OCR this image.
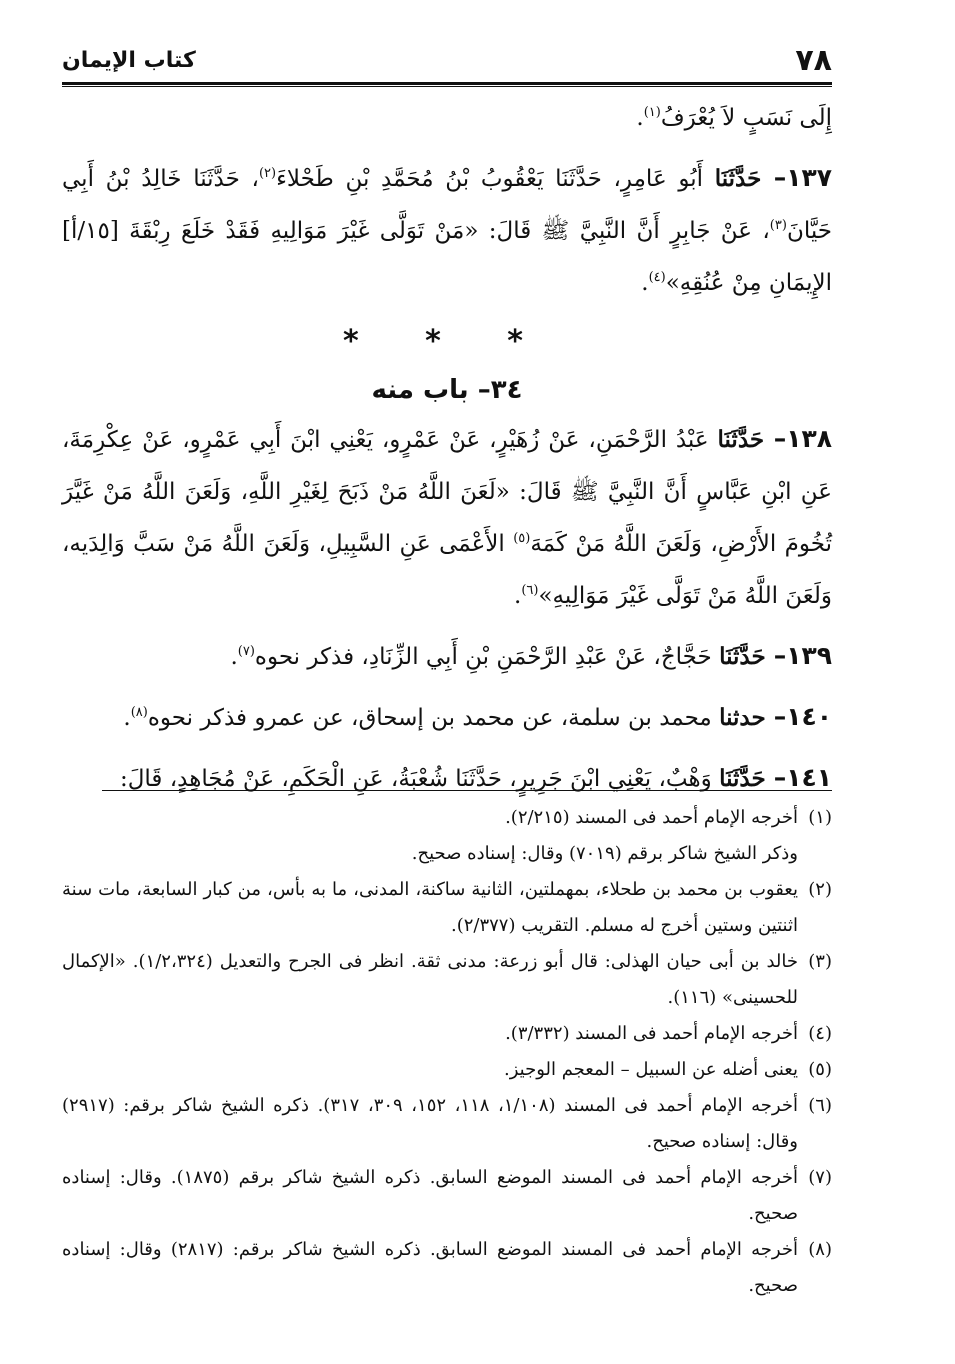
٧٨
كتاب الإيمان

إِلَى نَسَبٍ لاَ يُعْرَفُ$^{(١)}$.

١٣٧– حَدَّثَنَا أَبُو عَامِرٍ، حَدَّثَنَا يَعْقُوبُ بْنُ مُحَمَّدِ بْنِ طَحْلاءَ$^{(٢)}$، حَدَّثَنَا خَالِدُ بْنُ أَبِي حَيَّانَ$^{(٣)}$، عَنْ جَابِرٍ أَنَّ النَّبِيَّ ﷺ قَالَ: «مَنْ تَوَلَّى غَيْرَ مَوَالِيهِ فَقَدْ خَلَعَ رِبْقَةَ [١٥/أ] الإِيمَانِ مِنْ عُنُقِهِ»$^{(٤)}$.

* * *

٣٤– باب منه

١٣٨– حَدَّثَنَا عَبْدُ الرَّحْمَنِ، عَنْ زُهَيْرٍ، عَنْ عَمْرٍو، يَعْنِي ابْنَ أَبِي عَمْرٍو، عَنْ عِكْرِمَةَ، عَنِ ابْنِ عَبَّاسٍ أَنَّ النَّبِيَّ ﷺ قَالَ: «لَعَنَ اللَّهُ مَنْ ذَبَحَ لِغَيْرِ اللَّهِ، وَلَعَنَ اللَّهُ مَنْ غَيَّرَ تُخُومَ الأَرْضِ، وَلَعَنَ اللَّهُ مَنْ كَمَهَ$^{(٥)}$ الأَعْمَى عَنِ السَّبِيلِ، وَلَعَنَ اللَّهُ مَنْ سَبَّ وَالِدَيه، وَلَعَنَ اللَّهُ مَنْ تَوَلَّى غَيْرَ مَوَالِيهِ»$^{(٦)}$.

١٣٩– حَدَّثَنَا حَجَّاجٌ، عَنْ عَبْدِ الرَّحْمَنِ بْنِ أَبِي الزِّنَادِ، فذكر نحوه$^{(٧)}$.

١٤٠– حدثنا محمد بن سلمة، عن محمد بن إسحاق، عن عمرو فذكر نحوه$^{(٨)}$.

١٤١– حَدَّثَنَا وَهْبٌ، يَعْنِي ابْنَ جَرِيرٍ، حَدَّثَنَا شُعْبَةُ، عَنِ الْحَكَمِ، عَنْ مُجَاهِدٍ، قَالَ:

(١)
أخرجه الإمام أحمد فى المسند (٢/٢١٥).

وذكر الشيخ شاكر برقم (٧٠١٩) وقال: إسناده صحيح.

(٢)
يعقوب بن محمد بن طحلاء، بمهملتين، الثانية ساكنة، المدنى، ما به بأس، من كبار السابعة، مات سنة اثنتين وستين أخرج له مسلم. التقريب (٢/٣٧٧).

(٣)
خالد بن أبى حيان الهذلى: قال أبو زرعة: مدنى ثقة. انظر فى الجرح والتعديل (١/٢،٣٢٤). «الإكمال للحسينى» (١١٦).

(٤)
أخرجه الإمام أحمد فى المسند (٣/٣٣٢).

(٥)
يعنى أضله عن السبيل – المعجم الوجيز.

(٦)
أخرجه الإمام أحمد فى المسند (١/١٠٨، ١١٨، ١٥٢، ٣٠٩، ٣١٧). ذكره الشيخ شاكر برقم: (٢٩١٧) وقال: إسناده صحيح.

(٧)
أخرجه الإمام أحمد فى المسند الموضع السابق. ذكره الشيخ شاكر برقم (١٨٧٥). وقال: إسناده صحيح.

(٨)
أخرجه الإمام أحمد فى المسند الموضع السابق. ذكره الشيخ شاكر برقم: (٢٨١٧) وقال: إسناده صحيح.
